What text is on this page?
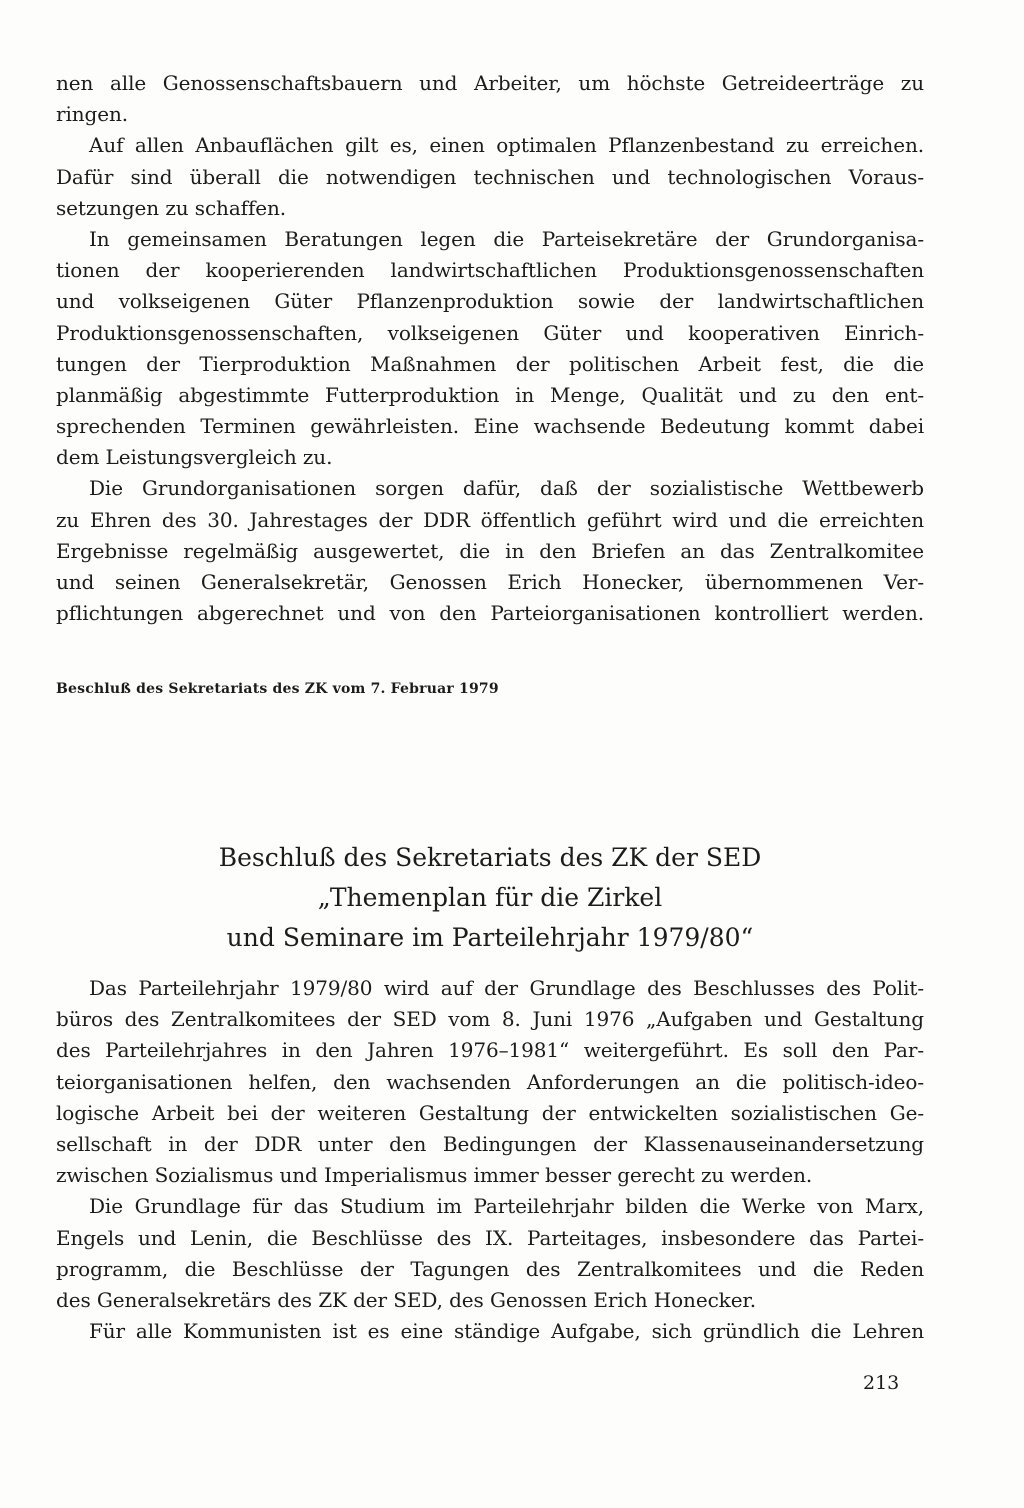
nen alle Genossenschaftsbauern und Arbeiter, um höchste Getreideerträge zu
ringen.
Auf allen Anbauflächen gilt es, einen optimalen Pflanzenbestand zu erreichen.
Dafür sind überall die notwendigen technischen und technologischen Voraus-
setzungen zu schaffen.
In gemeinsamen Beratungen legen die Parteisekretäre der Grundorganisa-
tionen der kooperierenden landwirtschaftlichen Produktionsgenossenschaften
und volkseigenen Güter Pflanzenproduktion sowie der landwirtschaftlichen
Produktionsgenossenschaften, volkseigenen Güter und kooperativen Einrich-
tungen der Tierproduktion Maßnahmen der politischen Arbeit fest, die die
planmäßig abgestimmte Futterproduktion in Menge, Qualität und zu den ent-
sprechenden Terminen gewährleisten. Eine wachsende Bedeutung kommt dabei
dem Leistungsvergleich zu.
Die Grundorganisationen sorgen dafür, daß der sozialistische Wettbewerb
zu Ehren des 30. Jahrestages der DDR öffentlich geführt wird und die erreichten
Ergebnisse regelmäßig ausgewertet, die in den Briefen an das Zentralkomitee
und seinen Generalsekretär, Genossen Erich Honecker, übernommenen Ver-
pflichtungen abgerechnet und von den Parteiorganisationen kontrolliert werden.
Beschluß des Sekretariats des ZK vom 7. Februar 1979
Beschluß des Sekretariats des ZK der SED
„Themenplan für die Zirkel
und Seminare im Parteilehrjahr 1979/80“
Das Parteilehrjahr 1979/80 wird auf der Grundlage des Beschlusses des Polit-
büros des Zentralkomitees der SED vom 8. Juni 1976 „Aufgaben und Gestaltung
des Parteilehrjahres in den Jahren 1976–1981“ weitergeführt. Es soll den Par-
teiorganisationen helfen, den wachsenden Anforderungen an die politisch-ideo-
logische Arbeit bei der weiteren Gestaltung der entwickelten sozialistischen Ge-
sellschaft in der DDR unter den Bedingungen der Klassenauseinandersetzung
zwischen Sozialismus und Imperialismus immer besser gerecht zu werden.
Die Grundlage für das Studium im Parteilehrjahr bilden die Werke von Marx,
Engels und Lenin, die Beschlüsse des IX. Parteitages, insbesondere das Partei-
programm, die Beschlüsse der Tagungen des Zentralkomitees und die Reden
des Generalsekretärs des ZK der SED, des Genossen Erich Honecker.
Für alle Kommunisten ist es eine ständige Aufgabe, sich gründlich die Lehren
213
